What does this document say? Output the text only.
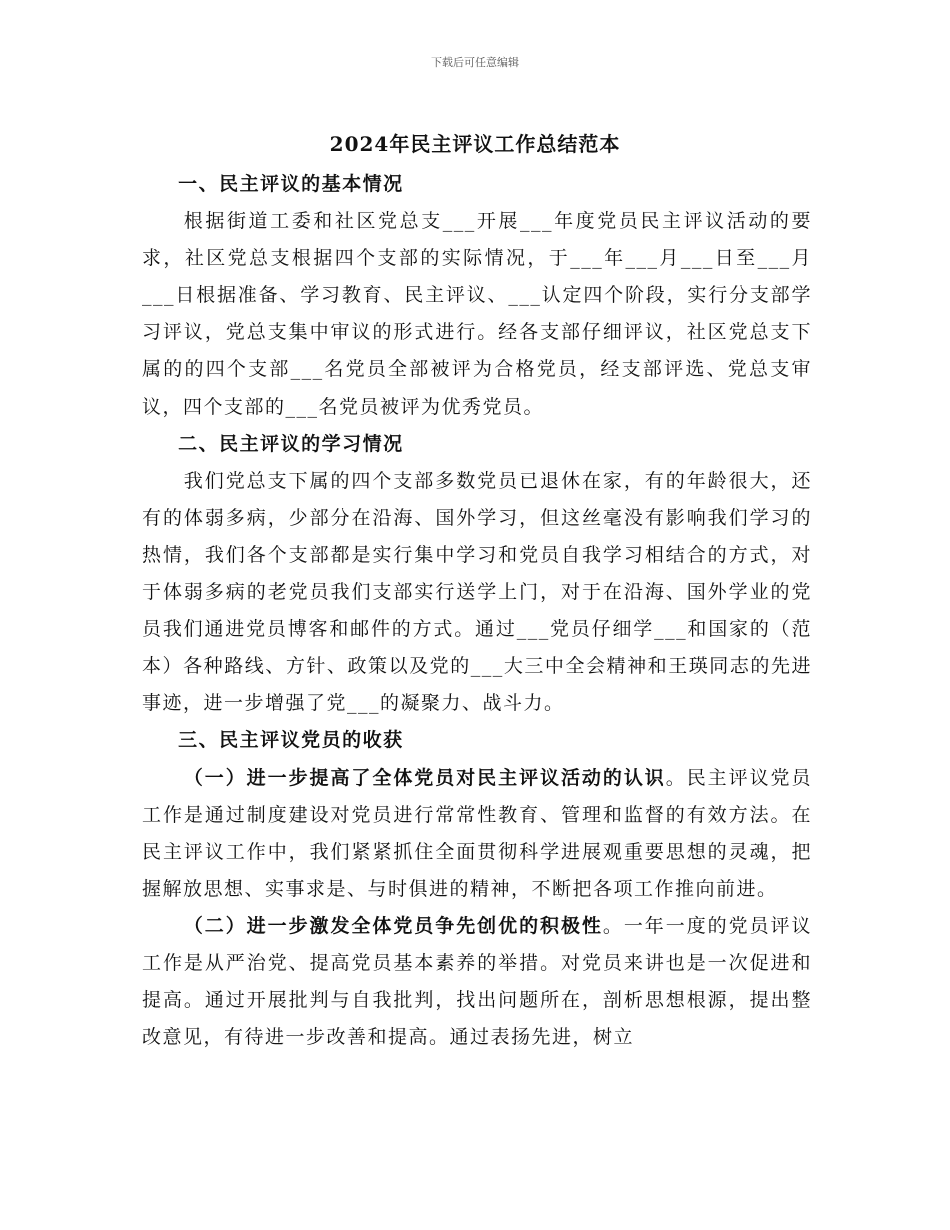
下载后可任意编辑
2024年民主评议工作总结范本

一、民主评议的基本情况

根据街道工委和社区党总支___开展___年度党员民主评议活动的要求，社区党总支根据四个支部的实际情况，于___年___月___日至___月___日根据准备、学习教育、民主评议、___认定四个阶段，实行分支部学习评议，党总支集中审议的形式进行。经各支部仔细评议，社区党总支下属的的四个支部___名党员全部被评为合格党员，经支部评选、党总支审议，四个支部的___名党员被评为优秀党员。

二、民主评议的学习情况

我们党总支下属的四个支部多数党员已退休在家，有的年龄很大，还有的体弱多病，少部分在沿海、国外学习，但这丝毫没有影响我们学习的热情，我们各个支部都是实行集中学习和党员自我学习相结合的方式，对于体弱多病的老党员我们支部实行送学上门，对于在沿海、国外学业的党员我们通进党员博客和邮件的方式。通过___党员仔细学___和国家的（范本）各种路线、方针、政策以及党的___大三中全会精神和王瑛同志的先进事迹，进一步增强了党___的凝聚力、战斗力。

三、民主评议党员的收获

（一）进一步提高了全体党员对民主评议活动的认识。民主评议党员工作是通过制度建设对党员进行常常性教育、管理和监督的有效方法。在民主评议工作中，我们紧紧抓住全面贯彻科学进展观重要思想的灵魂，把握解放思想、实事求是、与时俱进的精神，不断把各项工作推向前进。

（二）进一步激发全体党员争先创优的积极性。一年一度的党员评议工作是从严治党、提高党员基本素养的举措。对党员来讲也是一次促进和提高。通过开展批判与自我批判，找出问题所在，剖析思想根源，提出整改意见，有待进一步改善和提高。通过表扬先进，树立
